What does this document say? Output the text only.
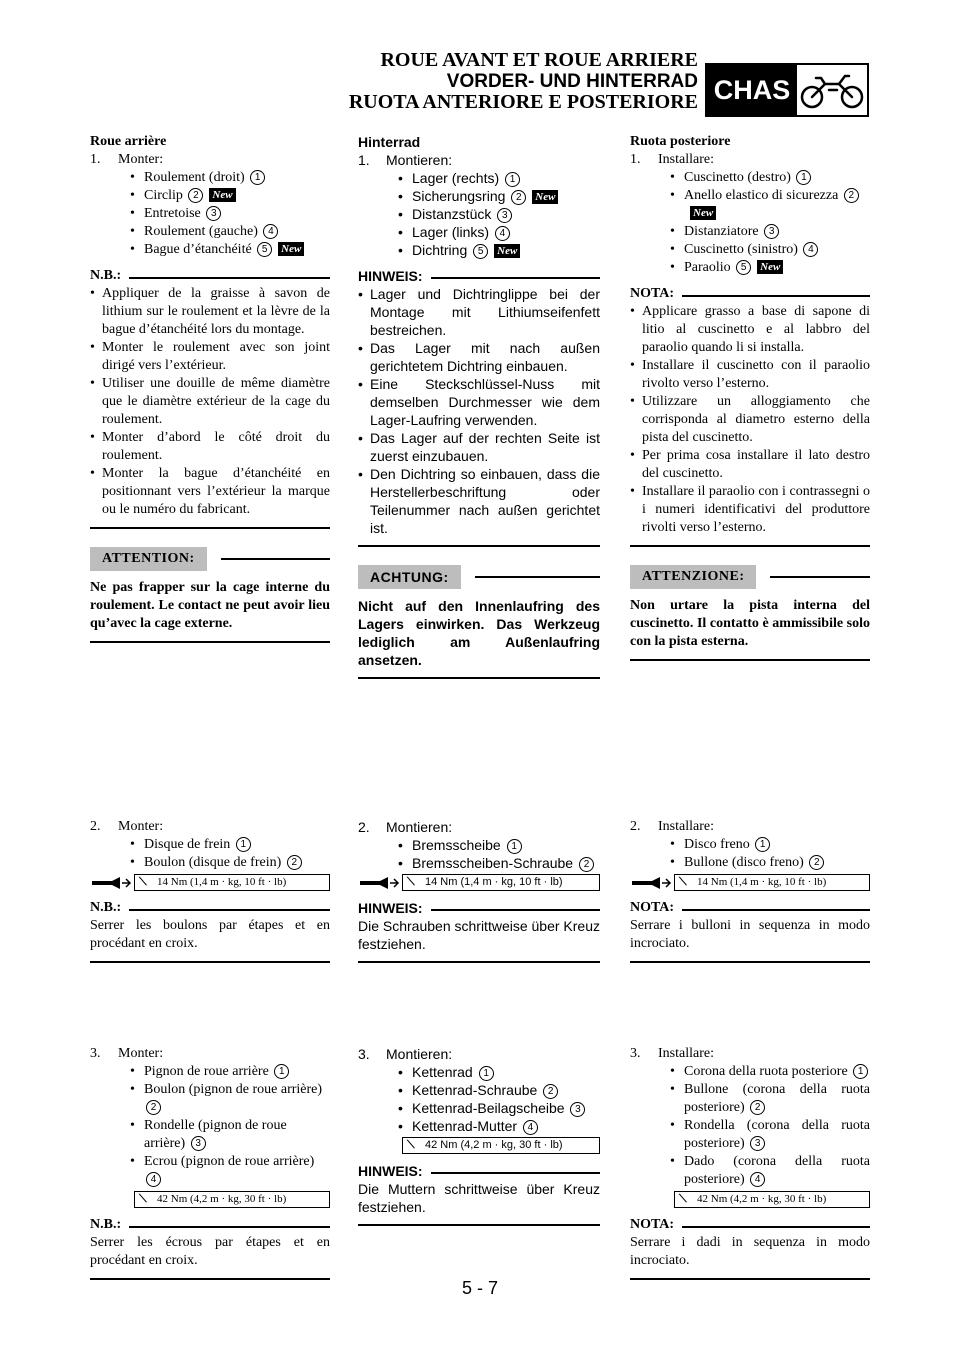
ROUE AVANT ET ROUE ARRIERE
VORDER- UND HINTERRAD
RUOTA ANTERIORE E POSTERIORE CHAS
Roue arrière
1.	Monter:
• Roulement (droit) 1
• Circlip 2 New
• Entretoise 3
• Roulement (gauche) 4
• Bague d’étanchéité 5 New
N.B.:
• Appliquer de la graisse à savon de lithium sur le roulement et la lèvre de la bague d’étanchéité lors du montage.
• Monter le roulement avec son joint dirigé vers l’extérieur.
• Utiliser une douille de même diamètre que le diamètre extérieur de la cage du roulement.
• Monter d’abord le côté droit du roulement.
• Monter la bague d’étanchéité en positionnant vers l’extérieur la marque ou le numéro du fabricant.
ATTENTION:
Ne pas frapper sur la cage interne du roulement. Le contact ne peut avoir lieu qu’avec la cage externe.
2.	Monter:
• Disque de frein 1
• Boulon (disque de frein) 2
⟍ 14 Nm (1,4 m · kg, 10 ft · lb)
N.B.:
Serrer les boulons par étapes et en procédant en croix.
3.	Monter:
• Pignon de roue arrière 1
• Boulon (pignon de roue arrière) 2
• Rondelle (pignon de roue arrière) 3
• Ecrou (pignon de roue arrière) 4
⟍ 42 Nm (4,2 m · kg, 30 ft · lb)
N.B.:
Serrer les écrous par étapes et en procédant en croix.
Hinterrad
1.	Montieren:
• Lager (rechts) 1
• Sicherungsring 2 New
• Distanzstück 3
• Lager (links) 4
• Dichtring 5 New
HINWEIS:
• Lager und Dichtringlippe bei der Montage mit Lithiumseifenfett bestreichen.
• Das Lager mit nach außen gerichtetem Dichtring einbauen.
• Eine Steckschlüssel-Nuss mit demselben Durchmesser wie dem Lager-Laufring verwenden.
• Das Lager auf der rechten Seite ist zuerst einzubauen.
• Den Dichtring so einbauen, dass die Herstellerbeschriftung oder Teilenummer nach außen gerichtet ist.
ACHTUNG:
Nicht auf den Innenlaufring des Lagers einwirken. Das Werkzeug lediglich am Außenlaufring ansetzen.
2.	Montieren:
• Bremsscheibe 1
• Bremsscheiben-Schraube 2
⟍ 14 Nm (1,4 m · kg, 10 ft · lb)
HINWEIS:
Die Schrauben schrittweise über Kreuz festziehen.
3.	Montieren:
• Kettenrad 1
• Kettenrad-Schraube 2
• Kettenrad-Beilagscheibe 3
• Kettenrad-Mutter 4
⟍ 42 Nm (4,2 m · kg, 30 ft · lb)
HINWEIS:
Die Muttern schrittweise über Kreuz festziehen.
Ruota posteriore
1.	Installare:
• Cuscinetto (destro) 1
• Anello elastico di sicurezza 2New
• Distanziatore 3
• Cuscinetto (sinistro) 4
• Paraolio 5 New
NOTA:
• Applicare grasso a base di sapone di litio al cuscinetto e al labbro del paraolio quando li si installa.
• Installare il cuscinetto con il paraolio rivolto verso l’esterno.
• Utilizzare un alloggiamento che corrisponda al diametro esterno della pista del cuscinetto.
• Per prima cosa installare il lato destro del cuscinetto.
• Installare il paraolio con i contrassegni o i numeri identificativi del produttore rivolti verso l’esterno.
ATTENZIONE:
Non urtare la pista interna del cuscinetto. Il contatto è ammissibile solo con la pista esterna.
2.	Installare:
• Disco freno 1
• Bullone (disco freno) 2
⟍ 14 Nm (1,4 m · kg, 10 ft · lb)
NOTA:
Serrare i bulloni in sequenza in modo incrociato.
3.	Installare:
• Corona della ruota posteriore 1
• Bullone (corona della ruota posteriore) 2
• Rondella (corona della ruota posteriore) 3
• Dado (corona della ruota posteriore) 4
⟍ 42 Nm (4,2 m · kg, 30 ft · lb)
NOTA:
Serrare i dadi in sequenza in modo incrociato.
5 - 7
